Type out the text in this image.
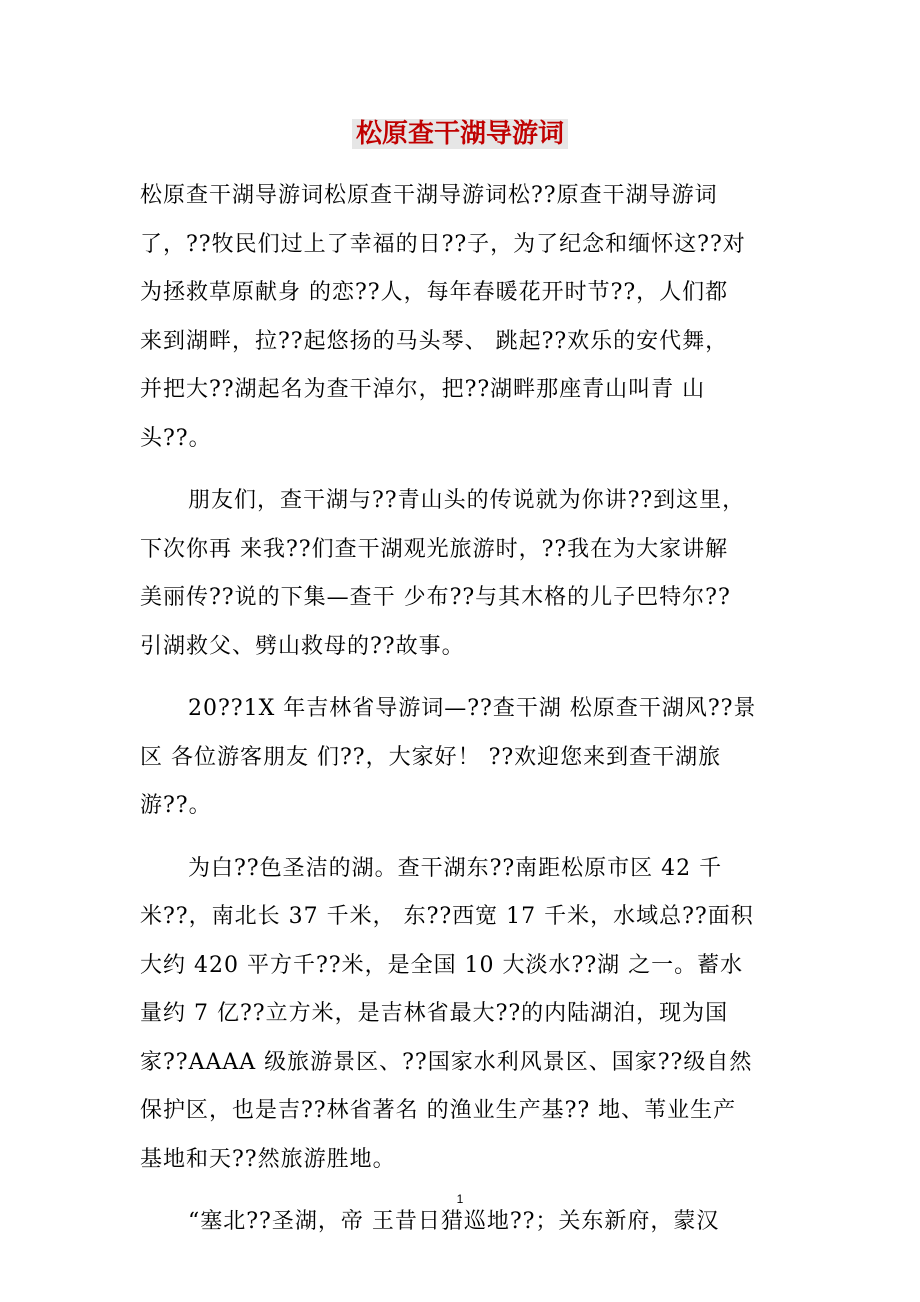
松原查干湖导游词
松原查干湖导游词松原查干湖导游词松??原查干湖导游词
了，??牧民们过上了幸福的日??子，为了纪念和缅怀这??对
为拯救草原献身 的恋??人，每年春暖花开时节??，人们都
来到湖畔，拉??起悠扬的马头琴、 跳起??欢乐的安代舞，
并把大??湖起名为查干淖尔，把??湖畔那座青山叫青 山
头??。
朋友们，查干湖与??青山头的传说就为你讲??到这里，
下次你再 来我??们查干湖观光旅游时，??我在为大家讲解
美丽传??说的下集—查干 少布??与其木格的儿子巴特尔??
引湖救父、劈山救母的??故事。
20??1X 年吉林省导游词—??查干湖 松原查干湖风??景
区 各位游客朋友 们??，大家好！ ??欢迎您来到查干湖旅
游??。
为白??色圣洁的湖。查干湖东??南距松原市区 42 千
米??，南北长 37 千米， 东??西宽 17 千米，水域总??面积
大约 420 平方千??米，是全国 10 大淡水??湖 之一。蓄水
量约 7 亿??立方米，是吉林省最大??的内陆湖泊，现为国
家??AAAA 级旅游景区、??国家水利风景区、国家??级自然
保护区，也是吉??林省著名 的渔业生产基?? 地、苇业生产
基地和天??然旅游胜地。
“塞北??圣湖，帝 王昔日猎巡地??；关东新府，蒙汉
1
